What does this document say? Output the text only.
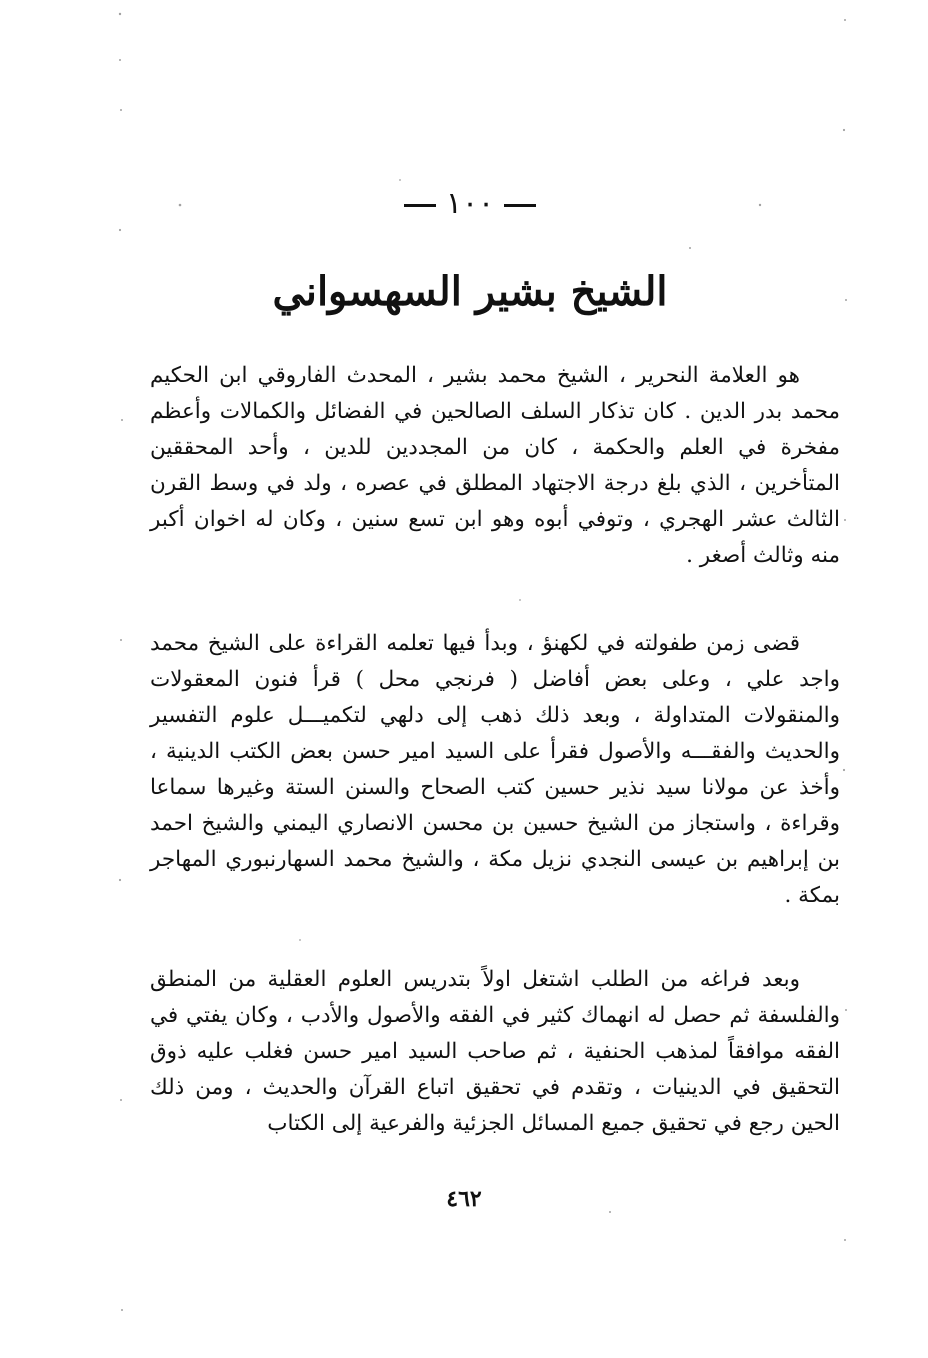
١٠٠
الشيخ بشير السهسواني

هو العلامة النحرير ، الشيخ محمد بشير ، المحدث الفاروقي ابن الحكيم محمد بدر الدين . كان تذكار السلف الصالحين في الفضائل والكمالات وأعظم مفخرة في العلم والحكمة ، كان من المجددين للدين ، وأحد المحققين المتأخرين ، الذي بلغ درجة الاجتهاد المطلق في عصره ، ولد في وسط القرن الثالث عشر الهجري ، وتوفي أبوه وهو ابن تسع سنين ، وكان له اخوان أكبر منه وثالث أصغر .

قضى زمن طفولته في لكهنؤ ، وبدأ فيها تعلمه القراءة على الشيخ محمد واجد علي ، وعلى بعض أفاضل ( فرنجي محل ) قرأ فنون المعقولات والمنقولات المتداولة ، وبعد ذلك ذهب إلى دلهي لتكميـــل علوم التفسير والحديث والفقـــه والأصول فقرأ على السيد امير حسن بعض الكتب الدينية ، وأخذ عن مولانا سيد نذير حسين كتب الصحاح والسنن الستة وغيرها سماعا وقراءة ، واستجاز من الشيخ حسين بن محسن الانصاري اليمني والشيخ احمد بن إبراهيم بن عيسى النجدي نزيل مكة ، والشيخ محمد السهارنبوري المهاجر بمكة .

وبعد فراغه من الطلب اشتغل اولاً بتدريس العلوم العقلية من المنطق والفلسفة ثم حصل له انهماك كثير في الفقه والأصول والأدب ، وكان يفتي في الفقه موافقاً لمذهب الحنفية ، ثم صاحب السيد امير حسن فغلب عليه ذوق التحقيق في الدينيات ، وتقدم في تحقيق اتباع القرآن والحديث ، ومن ذلك الحين رجع في تحقيق جميع المسائل الجزئية والفرعية إلى الكتاب

٤٦٢
